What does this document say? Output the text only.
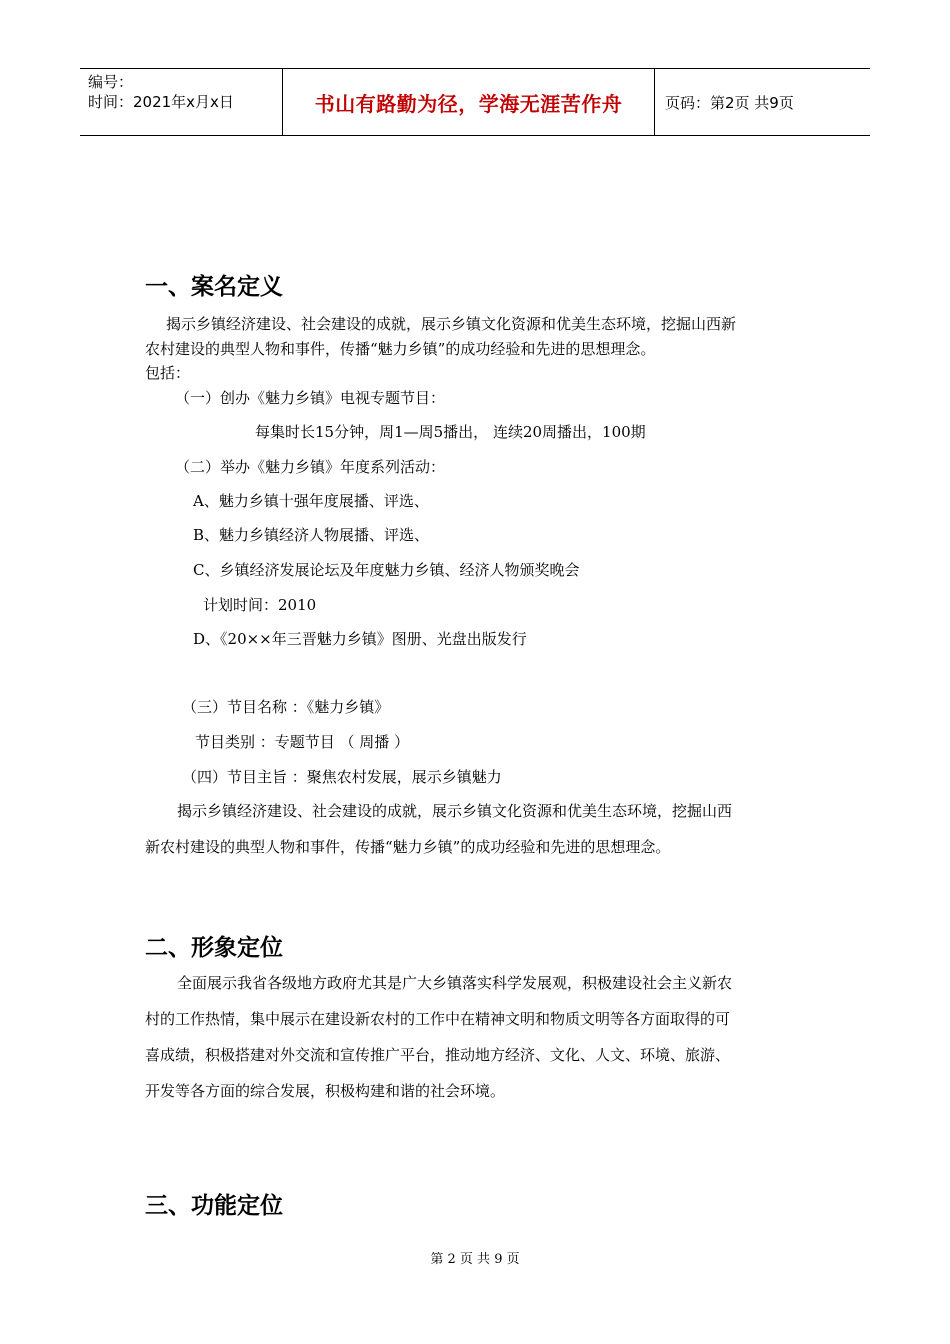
编号：
时间：2021年x月x日	书山有路勤为径，学海无涯苦作舟	页码：第2页 共9页
一、案名定义
揭示乡镇经济建设、社会建设的成就，展示乡镇文化资源和优美生态环境，挖掘山西新
农村建设的典型人物和事件，传播“魅力乡镇”的成功经验和先进的思想理念。
包括：
（一）创办《魅力乡镇》电视专题节目：
每集时长15分钟，周1—周5播出， 连续20周播出，100期
（二）举办《魅力乡镇》年度系列活动：
A、魅力乡镇十强年度展播、评选、
B、魅力乡镇经济人物展播、评选、
C、乡镇经济发展论坛及年度魅力乡镇、经济人物颁奖晚会
计划时间：2010
D、《20××年三晋魅力乡镇》图册、光盘出版发行
（三）节目名称 ：《魅力乡镇》
节目类别 ：专题节目 （ 周播 ）
（四）节目主旨 ：聚焦农村发展，展示乡镇魅力
揭示乡镇经济建设、社会建设的成就，展示乡镇文化资源和优美生态环境，挖掘山西
新农村建设的典型人物和事件，传播“魅力乡镇”的成功经验和先进的思想理念。
二、形象定位
全面展示我省各级地方政府尤其是广大乡镇落实科学发展观，积极建设社会主义新农
村的工作热情，集中展示在建设新农村的工作中在精神文明和物质文明等各方面取得的可
喜成绩，积极搭建对外交流和宣传推广平台，推动地方经济、文化、人文、环境、旅游、
开发等各方面的综合发展，积极构建和谐的社会环境。
三、功能定位
第 2 页 共 9 页
